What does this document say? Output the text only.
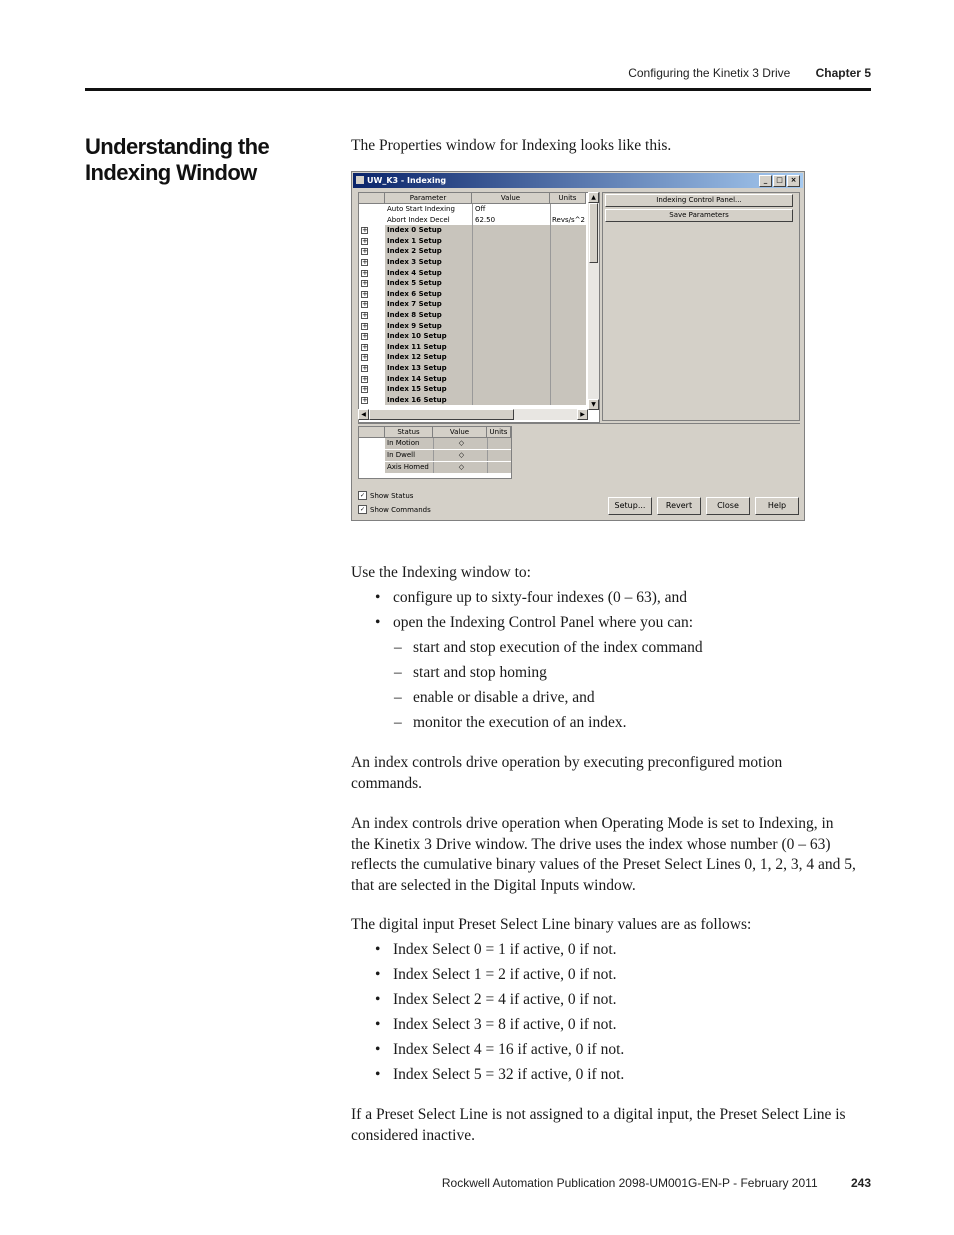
Configuring the Kinetix 3 Drive Chapter 5
Understanding the Indexing Window
The Properties window for Indexing looks like this.
UW_K3 - Indexing	_	□	×
Parameter	Value	Units
Auto Start Indexing	Off
Abort Index Decel	62.50	Revs/s^2
+	Index 0 Setup
+	Index 1 Setup
+	Index 2 Setup
+	Index 3 Setup
+	Index 4 Setup
+	Index 5 Setup
+	Index 6 Setup
+	Index 7 Setup
+	Index 8 Setup
+	Index 9 Setup
+	Index 10 Setup
+	Index 11 Setup
+	Index 12 Setup
+	Index 13 Setup
+	Index 14 Setup
+	Index 15 Setup
+	Index 16 Setup
▲
▼
◀	▶
Indexing Control Panel...
Save Parameters
Status	Value	Units
In Motion	◇
In Dwell	◇
Axis Homed	◇
✓ Show Status
✓ Show Commands	Setup...	Revert	Close	Help
Use the Indexing window to:
• configure up to sixty-four indexes (0 – 63), and
• open the Indexing Control Panel where you can:
– start and stop execution of the index command
– start and stop homing
– enable or disable a drive, and
– monitor the execution of an index.
An index controls drive operation by executing preconfigured motion
commands.
An index controls drive operation when Operating Mode is set to Indexing, in
the Kinetix 3 Drive window. The drive uses the index whose number (0 – 63)
reflects the cumulative binary values of the Preset Select Lines 0, 1, 2, 3, 4 and 5,
that are selected in the Digital Inputs window.
The digital input Preset Select Line binary values are as follows:
• Index Select 0 = 1 if active, 0 if not.
• Index Select 1 = 2 if active, 0 if not.
• Index Select 2 = 4 if active, 0 if not.
• Index Select 3 = 8 if active, 0 if not.
• Index Select 4 = 16 if active, 0 if not.
• Index Select 5 = 32 if active, 0 if not.
If a Preset Select Line is not assigned to a digital input, the Preset Select Line is
considered inactive.
Rockwell Automation Publication 2098-UM001G-EN-P - February 2011	243
